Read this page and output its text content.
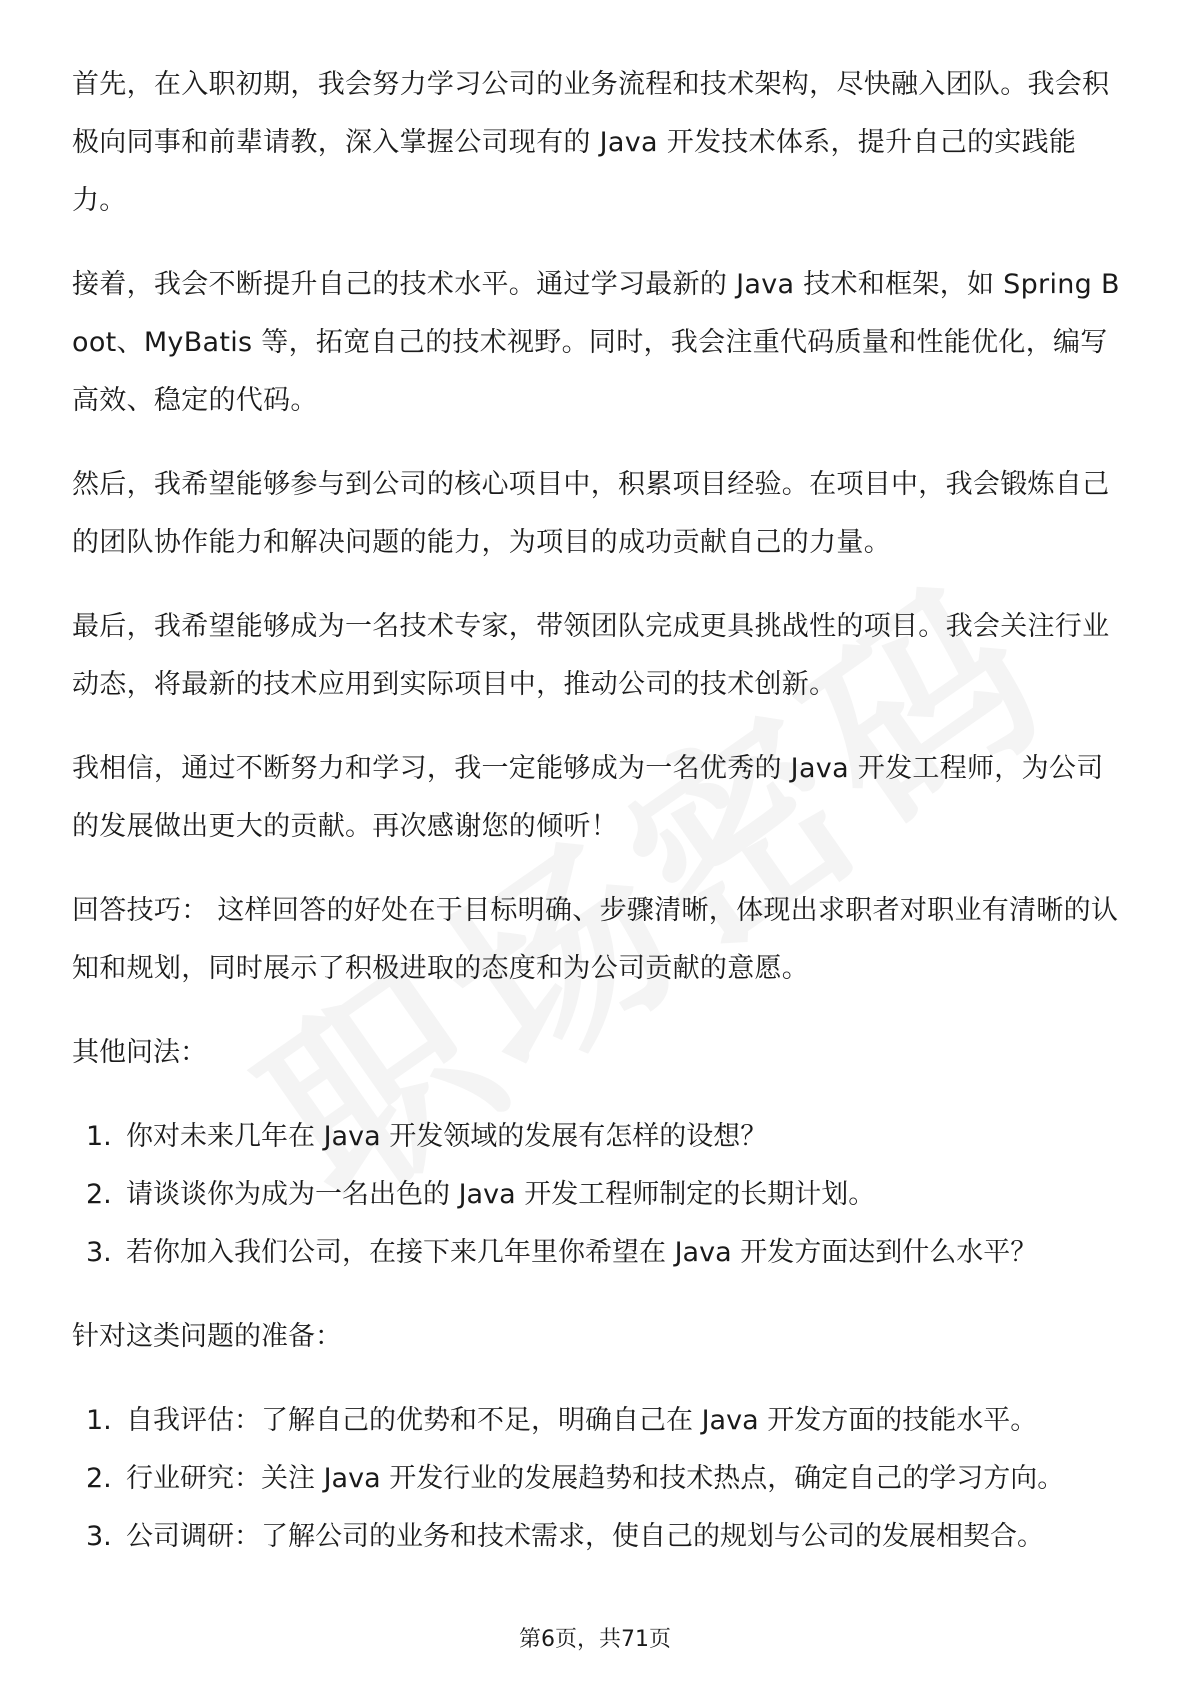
首先，在入职初期，我会努力学习公司的业务流程和技术架构，尽快融入团队。我会积极向同事和前辈请教，深入掌握公司现有的 Java 开发技术体系，提升自己的实践能力。

接着，我会不断提升自己的技术水平。通过学习最新的 Java 技术和框架，如 Spring Boot、MyBatis 等，拓宽自己的技术视野。同时，我会注重代码质量和性能优化，编写高效、稳定的代码。

然后，我希望能够参与到公司的核心项目中，积累项目经验。在项目中，我会锻炼自己的团队协作能力和解决问题的能力，为项目的成功贡献自己的力量。

最后，我希望能够成为一名技术专家，带领团队完成更具挑战性的项目。我会关注行业动态，将最新的技术应用到实际项目中，推动公司的技术创新。

我相信，通过不断努力和学习，我一定能够成为一名优秀的 Java 开发工程师，为公司的发展做出更大的贡献。再次感谢您的倾听！

回答技巧： 这样回答的好处在于目标明确、步骤清晰，体现出求职者对职业有清晰的认知和规划，同时展示了积极进取的态度和为公司贡献的意愿。

其他问法：

1. 你对未来几年在 Java 开发领域的发展有怎样的设想？
2. 请谈谈你为成为一名出色的 Java 开发工程师制定的长期计划。
3. 若你加入我们公司，在接下来几年里你希望在 Java 开发方面达到什么水平？

针对这类问题的准备：

1. 自我评估：了解自己的优势和不足，明确自己在 Java 开发方面的技能水平。
2. 行业研究：关注 Java 开发行业的发展趋势和技术热点，确定自己的学习方向。
3. 公司调研：了解公司的业务和技术需求，使自己的规划与公司的发展相契合。
第6页，共71页
